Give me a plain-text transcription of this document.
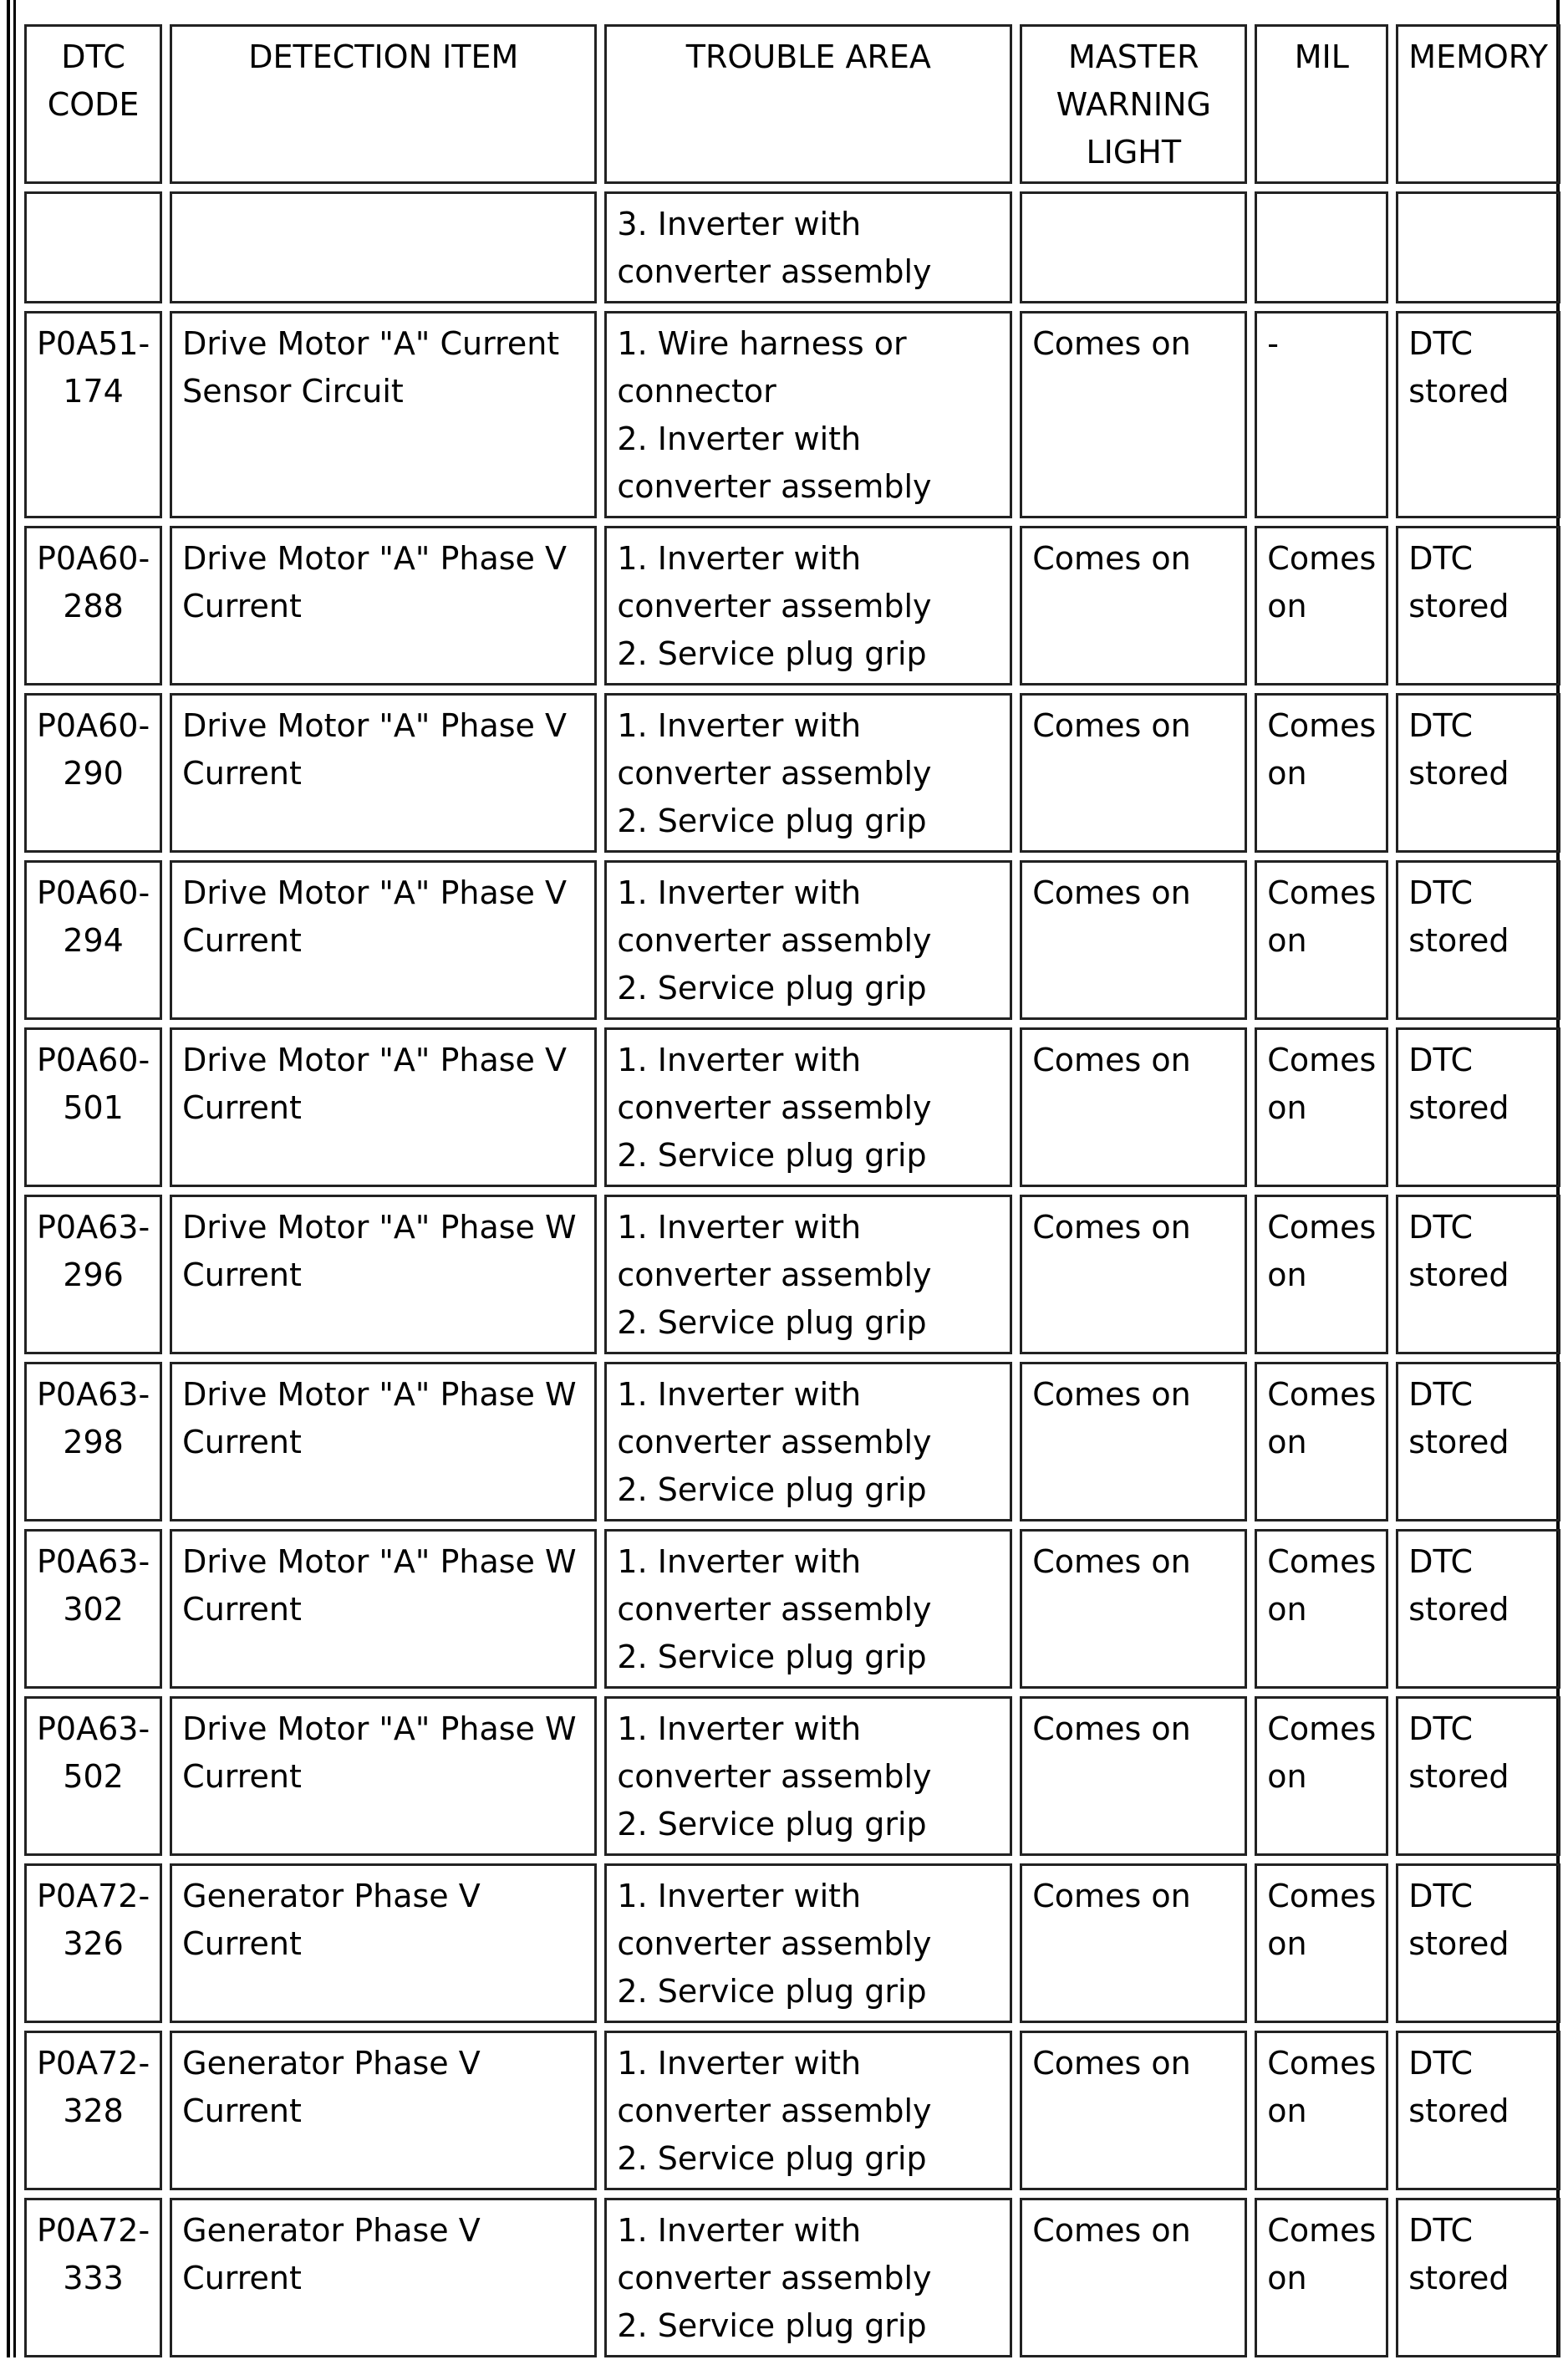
DTC
CODE	DETECTION ITEM	TROUBLE AREA	MASTER
WARNING
LIGHT	MIL	MEMORY

		3. Inverter with
converter assembly			

P0A51-
174	Drive Motor "A" Current
Sensor Circuit	1. Wire harness or
connector
2. Inverter with
converter assembly	Comes on	-	DTC
stored

P0A60-
288	Drive Motor "A" Phase V
Current	1. Inverter with
converter assembly
2. Service plug grip	Comes on	Comes
on	DTC
stored

P0A60-
290	Drive Motor "A" Phase V
Current	1. Inverter with
converter assembly
2. Service plug grip	Comes on	Comes
on	DTC
stored

P0A60-
294	Drive Motor "A" Phase V
Current	1. Inverter with
converter assembly
2. Service plug grip	Comes on	Comes
on	DTC
stored

P0A60-
501	Drive Motor "A" Phase V
Current	1. Inverter with
converter assembly
2. Service plug grip	Comes on	Comes
on	DTC
stored

P0A63-
296	Drive Motor "A" Phase W
Current	1. Inverter with
converter assembly
2. Service plug grip	Comes on	Comes
on	DTC
stored

P0A63-
298	Drive Motor "A" Phase W
Current	1. Inverter with
converter assembly
2. Service plug grip	Comes on	Comes
on	DTC
stored

P0A63-
302	Drive Motor "A" Phase W
Current	1. Inverter with
converter assembly
2. Service plug grip	Comes on	Comes
on	DTC
stored

P0A63-
502	Drive Motor "A" Phase W
Current	1. Inverter with
converter assembly
2. Service plug grip	Comes on	Comes
on	DTC
stored

P0A72-
326	Generator Phase V
Current	1. Inverter with
converter assembly
2. Service plug grip	Comes on	Comes
on	DTC
stored

P0A72-
328	Generator Phase V
Current	1. Inverter with
converter assembly
2. Service plug grip	Comes on	Comes
on	DTC
stored

P0A72-
333	Generator Phase V
Current	1. Inverter with
converter assembly
2. Service plug grip	Comes on	Comes
on	DTC
stored
